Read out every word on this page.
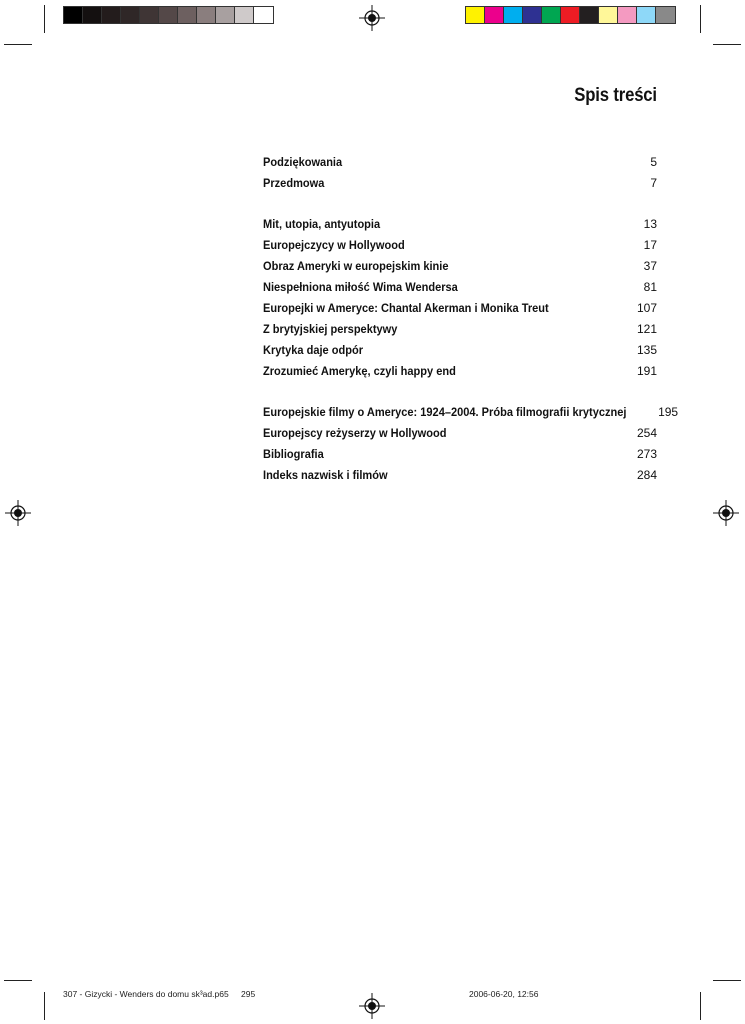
Spis treści
Podziękowania	5
Przedmowa	7
Mit, utopia, antyutopia	13
Europejczycy w Hollywood	17
Obraz Ameryki w europejskim kinie	37
Niespełniona miłość Wima Wendersa	81
Europejki w Ameryce: Chantal Akerman i Monika Treut	107
Z brytyjskiej perspektywy	121
Krytyka daje odpór	135
Zrozumieć Amerykę, czyli happy end	191
Europejskie filmy o Ameryce: 1924–2004. Próba filmografii krytycznej	195
Europejscy reżyserzy w Hollywood	254
Bibliografia	273
Indeks nazwisk i filmów	284
307 - Gizycki - Wenders do domu sk³ad.p65 295	2006-06-20, 12:56
